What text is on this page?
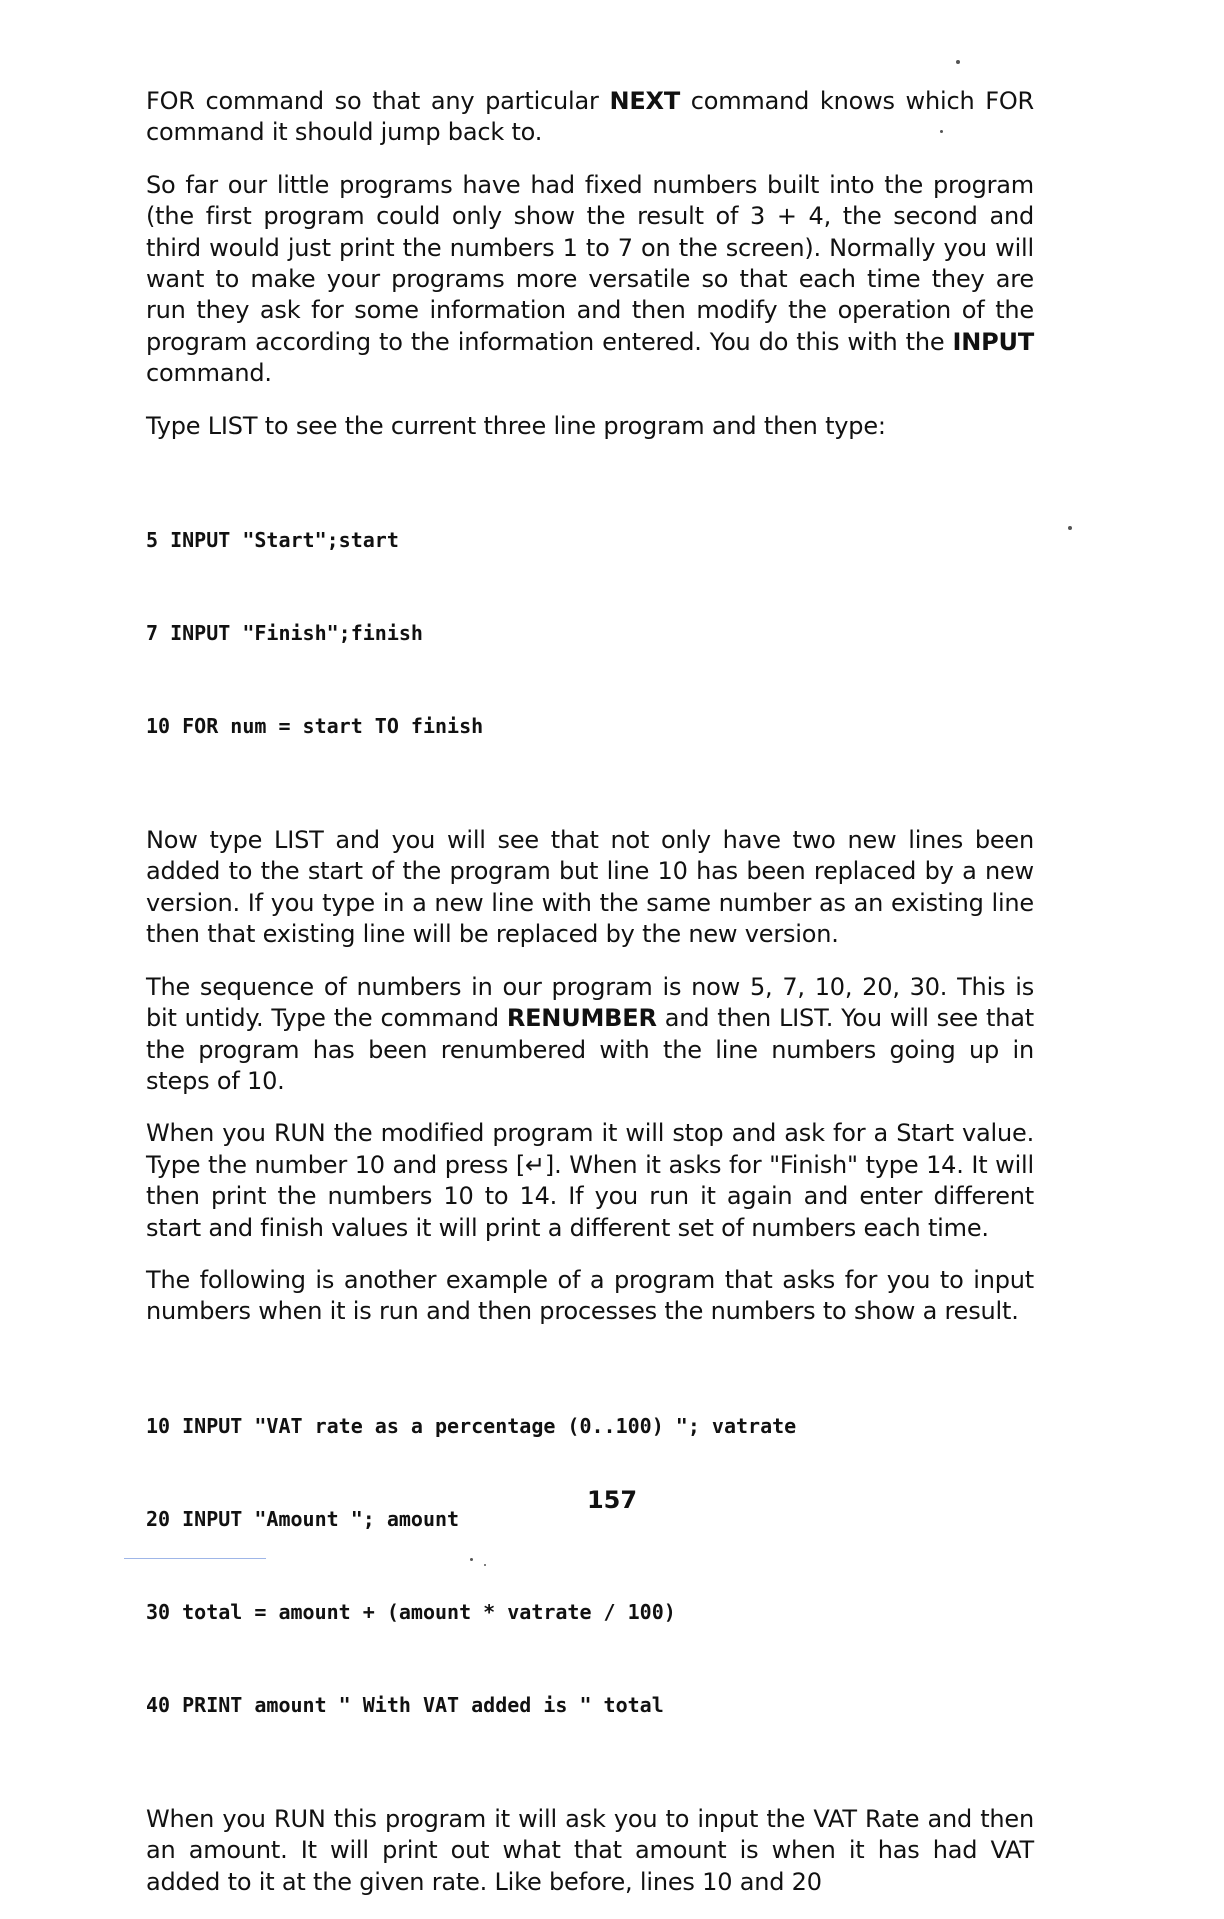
FOR command so that any particular NEXT command knows which FOR command it should jump back to.

So far our little programs have had fixed numbers built into the program (the first program could only show the result of 3 + 4, the second and third would just print the numbers 1 to 7 on the screen). Normally you will want to make your programs more versatile so that each time they are run they ask for some information and then modify the operation of the program according to the information entered. You do this with the INPUT command.

Type LIST to see the current three line program and then type:

5 INPUT "Start";start

7 INPUT "Finish";finish

10 FOR num = start TO finish

Now type LIST and you will see that not only have two new lines been added to the start of the program but line 10 has been replaced by a new version. If you type in a new line with the same number as an existing line then that existing line will be replaced by the new version.

The sequence of numbers in our program is now 5, 7, 10, 20, 30. This is bit untidy. Type the command RENUMBER and then LIST. You will see that the program has been renumbered with the line numbers going up in steps of 10.

When you RUN the modified program it will stop and ask for a Start value. Type the number 10 and press [↵]. When it asks for "Finish" type 14. It will then print the numbers 10 to 14. If you run it again and enter different start and finish values it will print a different set of numbers each time.

The following is another example of a program that asks for you to input numbers when it is run and then processes the numbers to show a result.

10 INPUT "VAT rate as a percentage (0..100) "; vatrate

20 INPUT "Amount "; amount

30 total = amount + (amount * vatrate / 100)

40 PRINT amount " With VAT added is " total

When you RUN this program it will ask you to input the VAT Rate and then an amount. It will print out what that amount is when it has had VAT added to it at the given rate. Like before, lines 10 and 20

157
